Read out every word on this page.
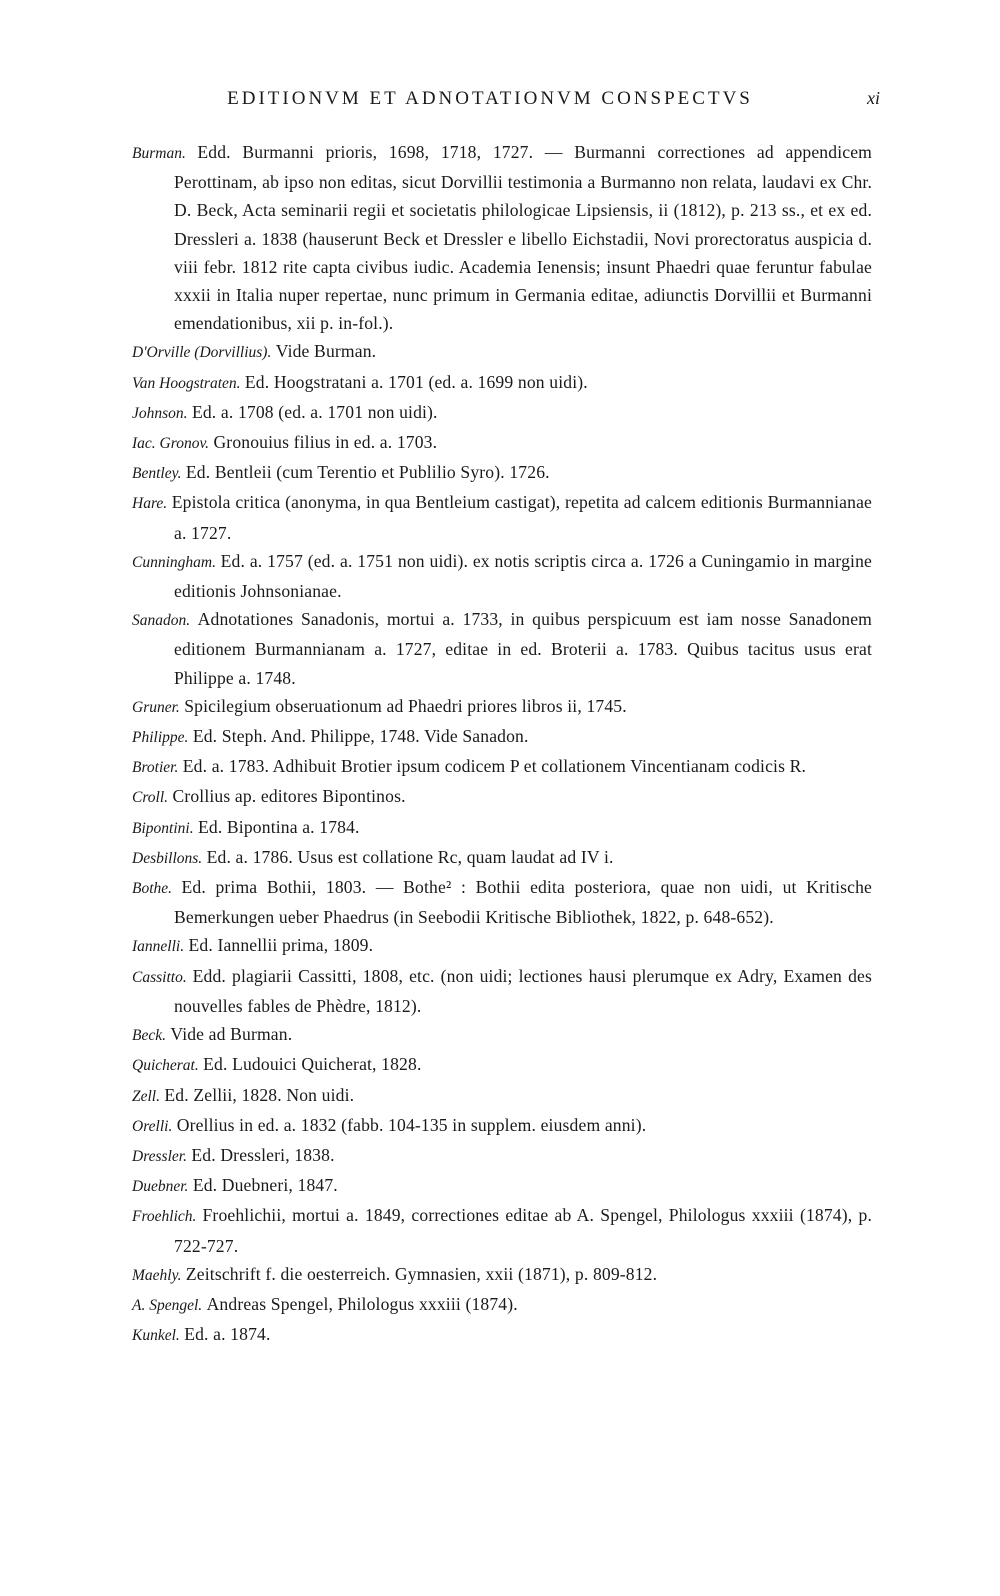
EDITIONVM ET ADNOTATIONVM CONSPECTVS	xi

Burman. Edd. Burmanni prioris, 1698, 1718, 1727. — Burmanni correctiones ad appendicem Perottinam, ab ipso non editas, sicut Dorvillii testimonia a Burmanno non relata, laudavi ex Chr. D. Beck, Acta seminarii regii et societatis philologicae Lipsiensis, ii (1812), p. 213 ss., et ex ed. Dressleri a. 1838 (hauserunt Beck et Dressler e libello Eichstadii, Novi prorectoratus auspicia d. viii febr. 1812 rite capta civibus iudic. Academia Ienensis; insunt Phaedri quae feruntur fabulae xxxii in Italia nuper repertae, nunc primum in Germania editae, adiunctis Dorvillii et Burmanni emendationibus, xii p. in-fol.).

D'Orville (Dorvillius). Vide Burman.

Van Hoogstraten. Ed. Hoogstratani a. 1701 (ed. a. 1699 non uidi).

Johnson. Ed. a. 1708 (ed. a. 1701 non uidi).

Iac. Gronov. Gronouius filius in ed. a. 1703.

Bentley. Ed. Bentleii (cum Terentio et Publilio Syro). 1726.

Hare. Epistola critica (anonyma, in qua Bentleium castigat), repetita ad calcem editionis Burmannianae a. 1727.

Cunningham. Ed. a. 1757 (ed. a. 1751 non uidi). ex notis scriptis circa a. 1726 a Cuningamio in margine editionis Johnsonianae.

Sanadon. Adnotationes Sanadonis, mortui a. 1733, in quibus perspicuum est iam nosse Sanadonem editionem Burmannianam a. 1727, editae in ed. Broterii a. 1783. Quibus tacitus usus erat Philippe a. 1748.

Gruner. Spicilegium obseruationum ad Phaedri priores libros ii, 1745.

Philippe. Ed. Steph. And. Philippe, 1748. Vide Sanadon.

Brotier. Ed. a. 1783. Adhibuit Brotier ipsum codicem P et collationem Vincentianam codicis R.

Croll. Crollius ap. editores Bipontinos.

Bipontini. Ed. Bipontina a. 1784.

Desbillons. Ed. a. 1786. Usus est collatione Rc, quam laudat ad IV i.

Bothe. Ed. prima Bothii, 1803. — Bothe² : Bothii edita posteriora, quae non uidi, ut Kritische Bemerkungen ueber Phaedrus (in Seebodii Kritische Bibliothek, 1822, p. 648-652).

Iannelli. Ed. Iannellii prima, 1809.

Cassitto. Edd. plagiarii Cassitti, 1808, etc. (non uidi; lectiones hausi plerumque ex Adry, Examen des nouvelles fables de Phèdre, 1812).

Beck. Vide ad Burman.

Quicherat. Ed. Ludouici Quicherat, 1828.

Zell. Ed. Zellii, 1828. Non uidi.

Orelli. Orellius in ed. a. 1832 (fabb. 104-135 in supplem. eiusdem anni).

Dressler. Ed. Dressleri, 1838.

Duebner. Ed. Duebneri, 1847.

Froehlich. Froehlichii, mortui a. 1849, correctiones editae ab A. Spengel, Philologus xxxiii (1874), p. 722-727.

Maehly. Zeitschrift f. die oesterreich. Gymnasien, xxii (1871), p. 809-812.

A. Spengel. Andreas Spengel, Philologus xxxiii (1874).

Kunkel. Ed. a. 1874.
